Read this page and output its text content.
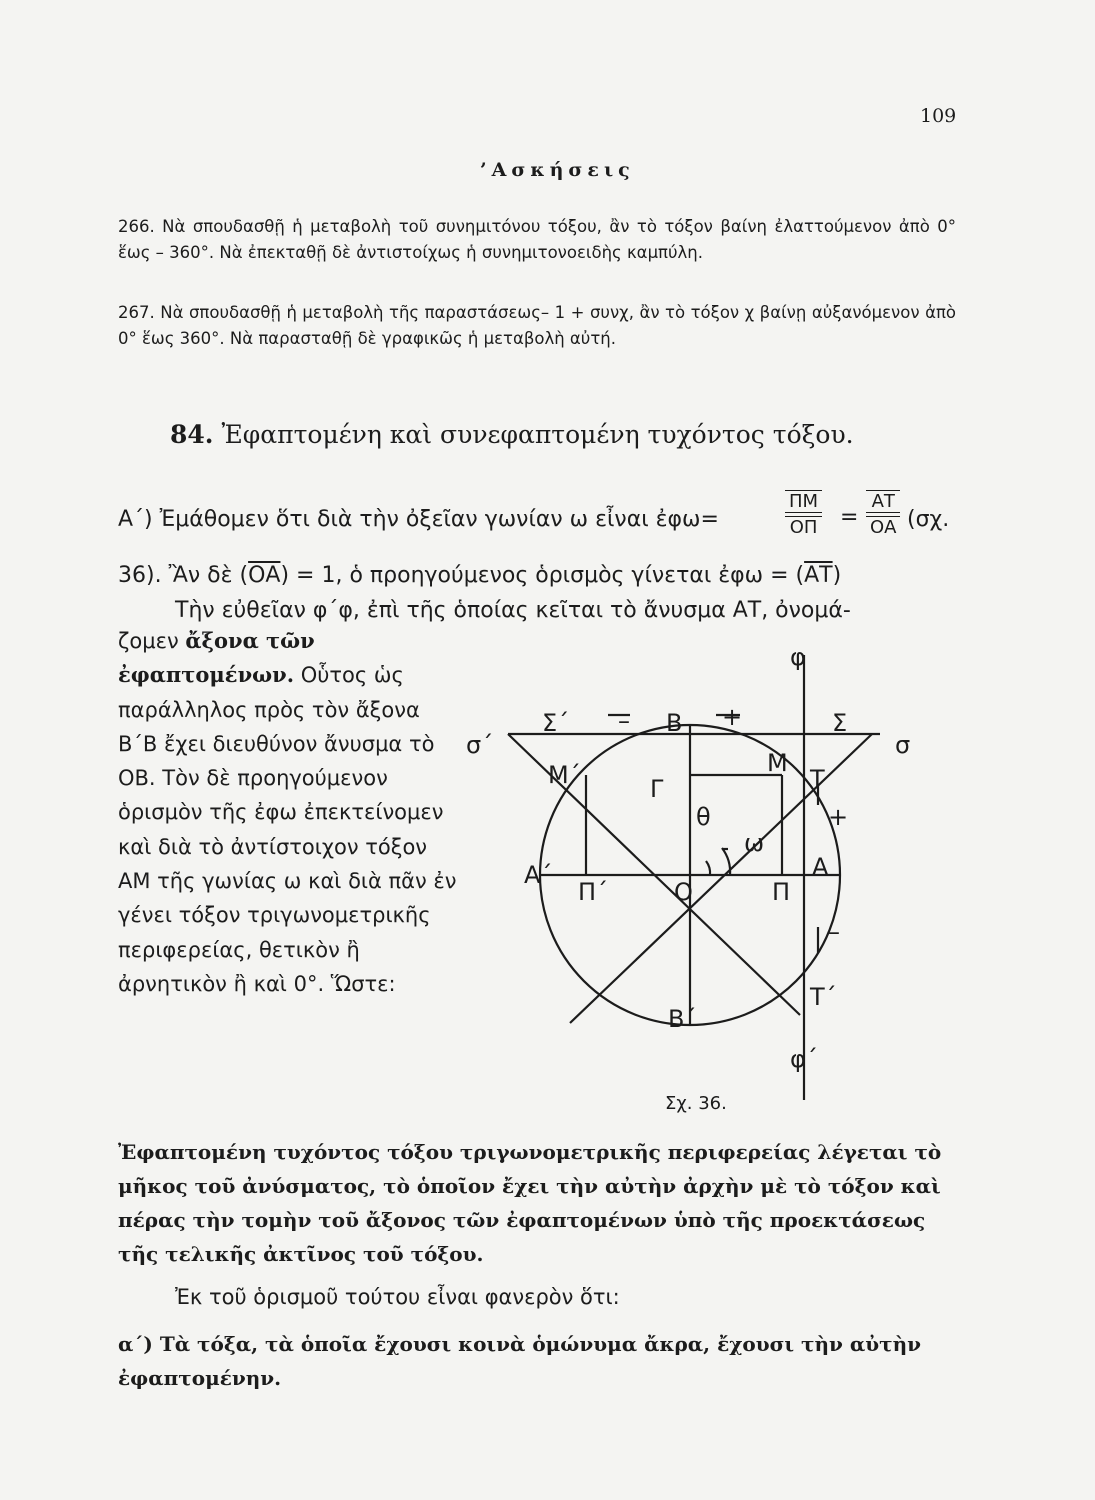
109
’Ασκήσεις

266. Νὰ σπουδασθῇ ἡ μεταβολὴ τοῦ συνημιτόνου τόξου, ἂν τὸ τόξον βαίνη ἐλαττούμενον ἀπὸ 0° ἕως – 360°. Νὰ ἐπεκταθῇ δὲ ἀντιστοίχως ἡ συνημιτονοειδὴς καμπύλη.

267. Νὰ σπουδασθῇ ἡ μεταβολὴ τῆς παραστάσεως– 1 + συνχ, ἂν τὸ τόξον χ βαίνῃ αὐξανόμενον ἀπὸ 0° ἕως 360°. Νὰ παρασταθῇ δὲ γραφικῶς ἡ μεταβολὴ αὐτή.

84. Ἐφαπτομένη καὶ συνεφαπτομένη τυχόντος τόξου.
Α΄) Ἐμάθομεν ὅτι διὰ τὴν ὀξεῖαν γωνίαν ω εἶναι ἐφω=	$\frac{\Pi M}{O\Pi} = \frac{AT}{OA} (\sigma\chi$.
36). Ἂν δὲ $(\overline{OA}) = 1$, ὁ προηγούμενος ὁρισμὸς γίνεται ἐφω = $(\overline{AT})$
Τὴν εὐθεῖαν φ΄φ, ἐπὶ τῆς ὁποίας κεῖται τὸ ἄνυσμα ΑΤ, ὀνομά-

ζομεν ἄξονα τῶν ἐφαπτομένων. Οὗτος ὡς παράλληλος πρὸς τὸν ἄξονα Β΄Β ἔχει διευθύνον ἄνυσμα τὸ ΟΒ. Τὸν δὲ προηγούμενον ὁρισμὸν τῆς ἐφω ἐπεκτείνομεν καὶ διὰ τὸ ἀντίστοιχον τόξον ΑΜ τῆς γωνίας ω καὶ διὰ πᾶν ἐν γένει τόξον τριγωνομετρικῆς περιφερείας, θετικὸν ἢ ἀρνητικὸν ἢ καὶ 0°. Ὥστε:

φ
φ΄
σ΄	σ
Σ΄	Σ
Β
Β΄
–	+
Μ
Μ΄	Γ
θ
ω
Α΄	Α
Π΄	Ο	Π
Τ
Τ΄
+
–
Σχ. 36.

Ἐφαπτομένη τυχόντος τόξου τριγωνομετρικῆς περιφερείας λέγεται τὸ μῆκος τοῦ ἀνύσματος, τὸ ὁποῖον ἔχει τὴν αὐτὴν ἀρχὴν μὲ τὸ τόξον καὶ πέρας τὴν τομὴν τοῦ ἄξονος τῶν ἐφαπτομένων ὑπὸ τῆς προεκτάσεως τῆς τελικῆς ἀκτῖνος τοῦ τόξου.

Ἐκ τοῦ ὁρισμοῦ τούτου εἶναι φανερὸν ὅτι:

α΄) Τὰ τόξα, τὰ ὁποῖα ἔχουσι κοινὰ ὁμώνυμα ἄκρα, ἔχουσι τὴν αὐτὴν ἐφαπτομένην.
